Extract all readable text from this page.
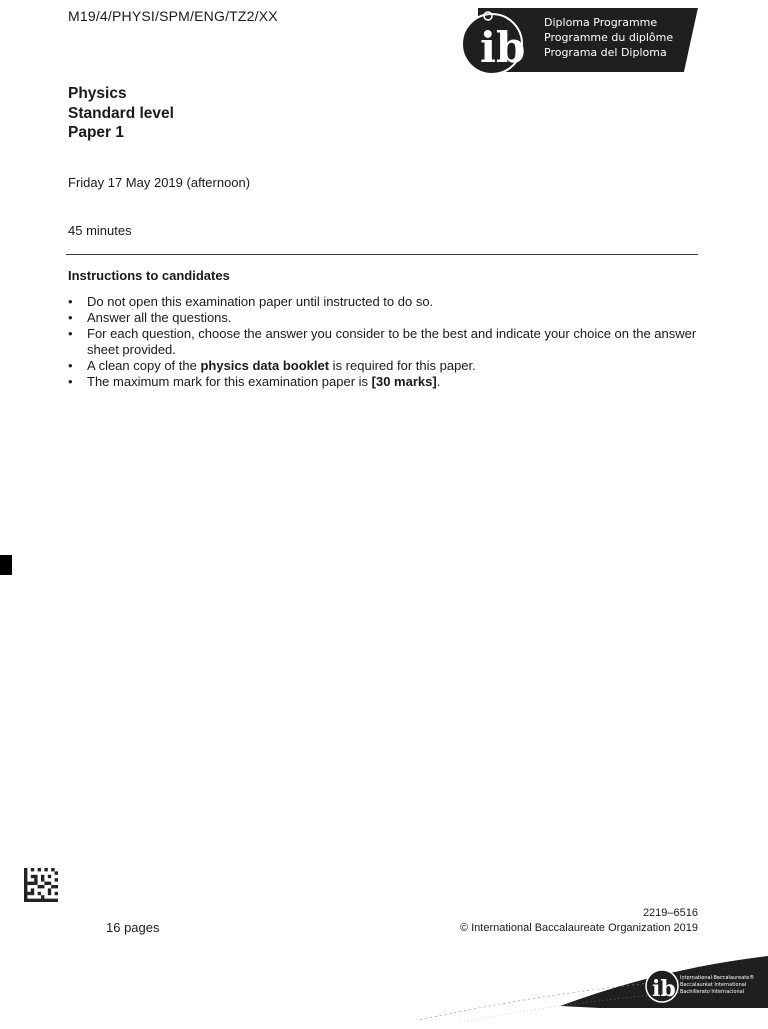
M19/4/PHYSI/SPM/ENG/TZ2/XX
ib
Diploma Programme
Programme du diplôme
Programa del Diploma
Physics
Standard level
Paper 1
Friday 17 May 2019 (afternoon)
45 minutes
Instructions to candidates
• Do not open this examination paper until instructed to do so.
• Answer all the questions.
• For each question, choose the answer you consider to be the best and indicate your choice on the answer sheet provided.
• A clean copy of the physics data booklet is required for this paper.
• The maximum mark for this examination paper is [30 marks].
16 pages
2219–6516
© International Baccalaureate Organization 2019
ib International Baccalaureate®
Baccalauréat International
Bachillerato Internacional
